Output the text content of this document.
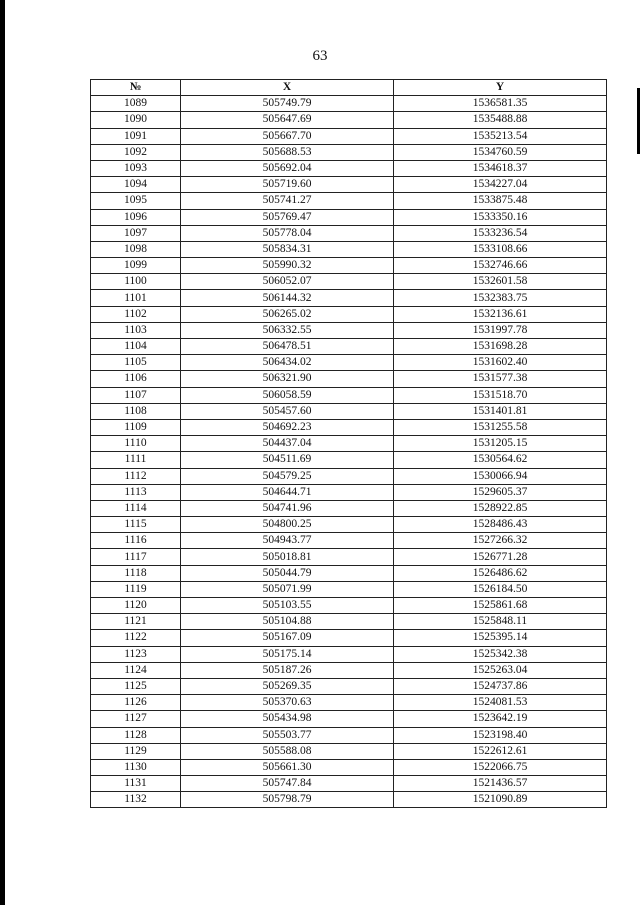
63
№	X	Y
1089	505749.79	1536581.35
1090	505647.69	1535488.88
1091	505667.70	1535213.54
1092	505688.53	1534760.59
1093	505692.04	1534618.37
1094	505719.60	1534227.04
1095	505741.27	1533875.48
1096	505769.47	1533350.16
1097	505778.04	1533236.54
1098	505834.31	1533108.66
1099	505990.32	1532746.66
1100	506052.07	1532601.58
1101	506144.32	1532383.75
1102	506265.02	1532136.61
1103	506332.55	1531997.78
1104	506478.51	1531698.28
1105	506434.02	1531602.40
1106	506321.90	1531577.38
1107	506058.59	1531518.70
1108	505457.60	1531401.81
1109	504692.23	1531255.58
1110	504437.04	1531205.15
1111	504511.69	1530564.62
1112	504579.25	1530066.94
1113	504644.71	1529605.37
1114	504741.96	1528922.85
1115	504800.25	1528486.43
1116	504943.77	1527266.32
1117	505018.81	1526771.28
1118	505044.79	1526486.62
1119	505071.99	1526184.50
1120	505103.55	1525861.68
1121	505104.88	1525848.11
1122	505167.09	1525395.14
1123	505175.14	1525342.38
1124	505187.26	1525263.04
1125	505269.35	1524737.86
1126	505370.63	1524081.53
1127	505434.98	1523642.19
1128	505503.77	1523198.40
1129	505588.08	1522612.61
1130	505661.30	1522066.75
1131	505747.84	1521436.57
1132	505798.79	1521090.89
